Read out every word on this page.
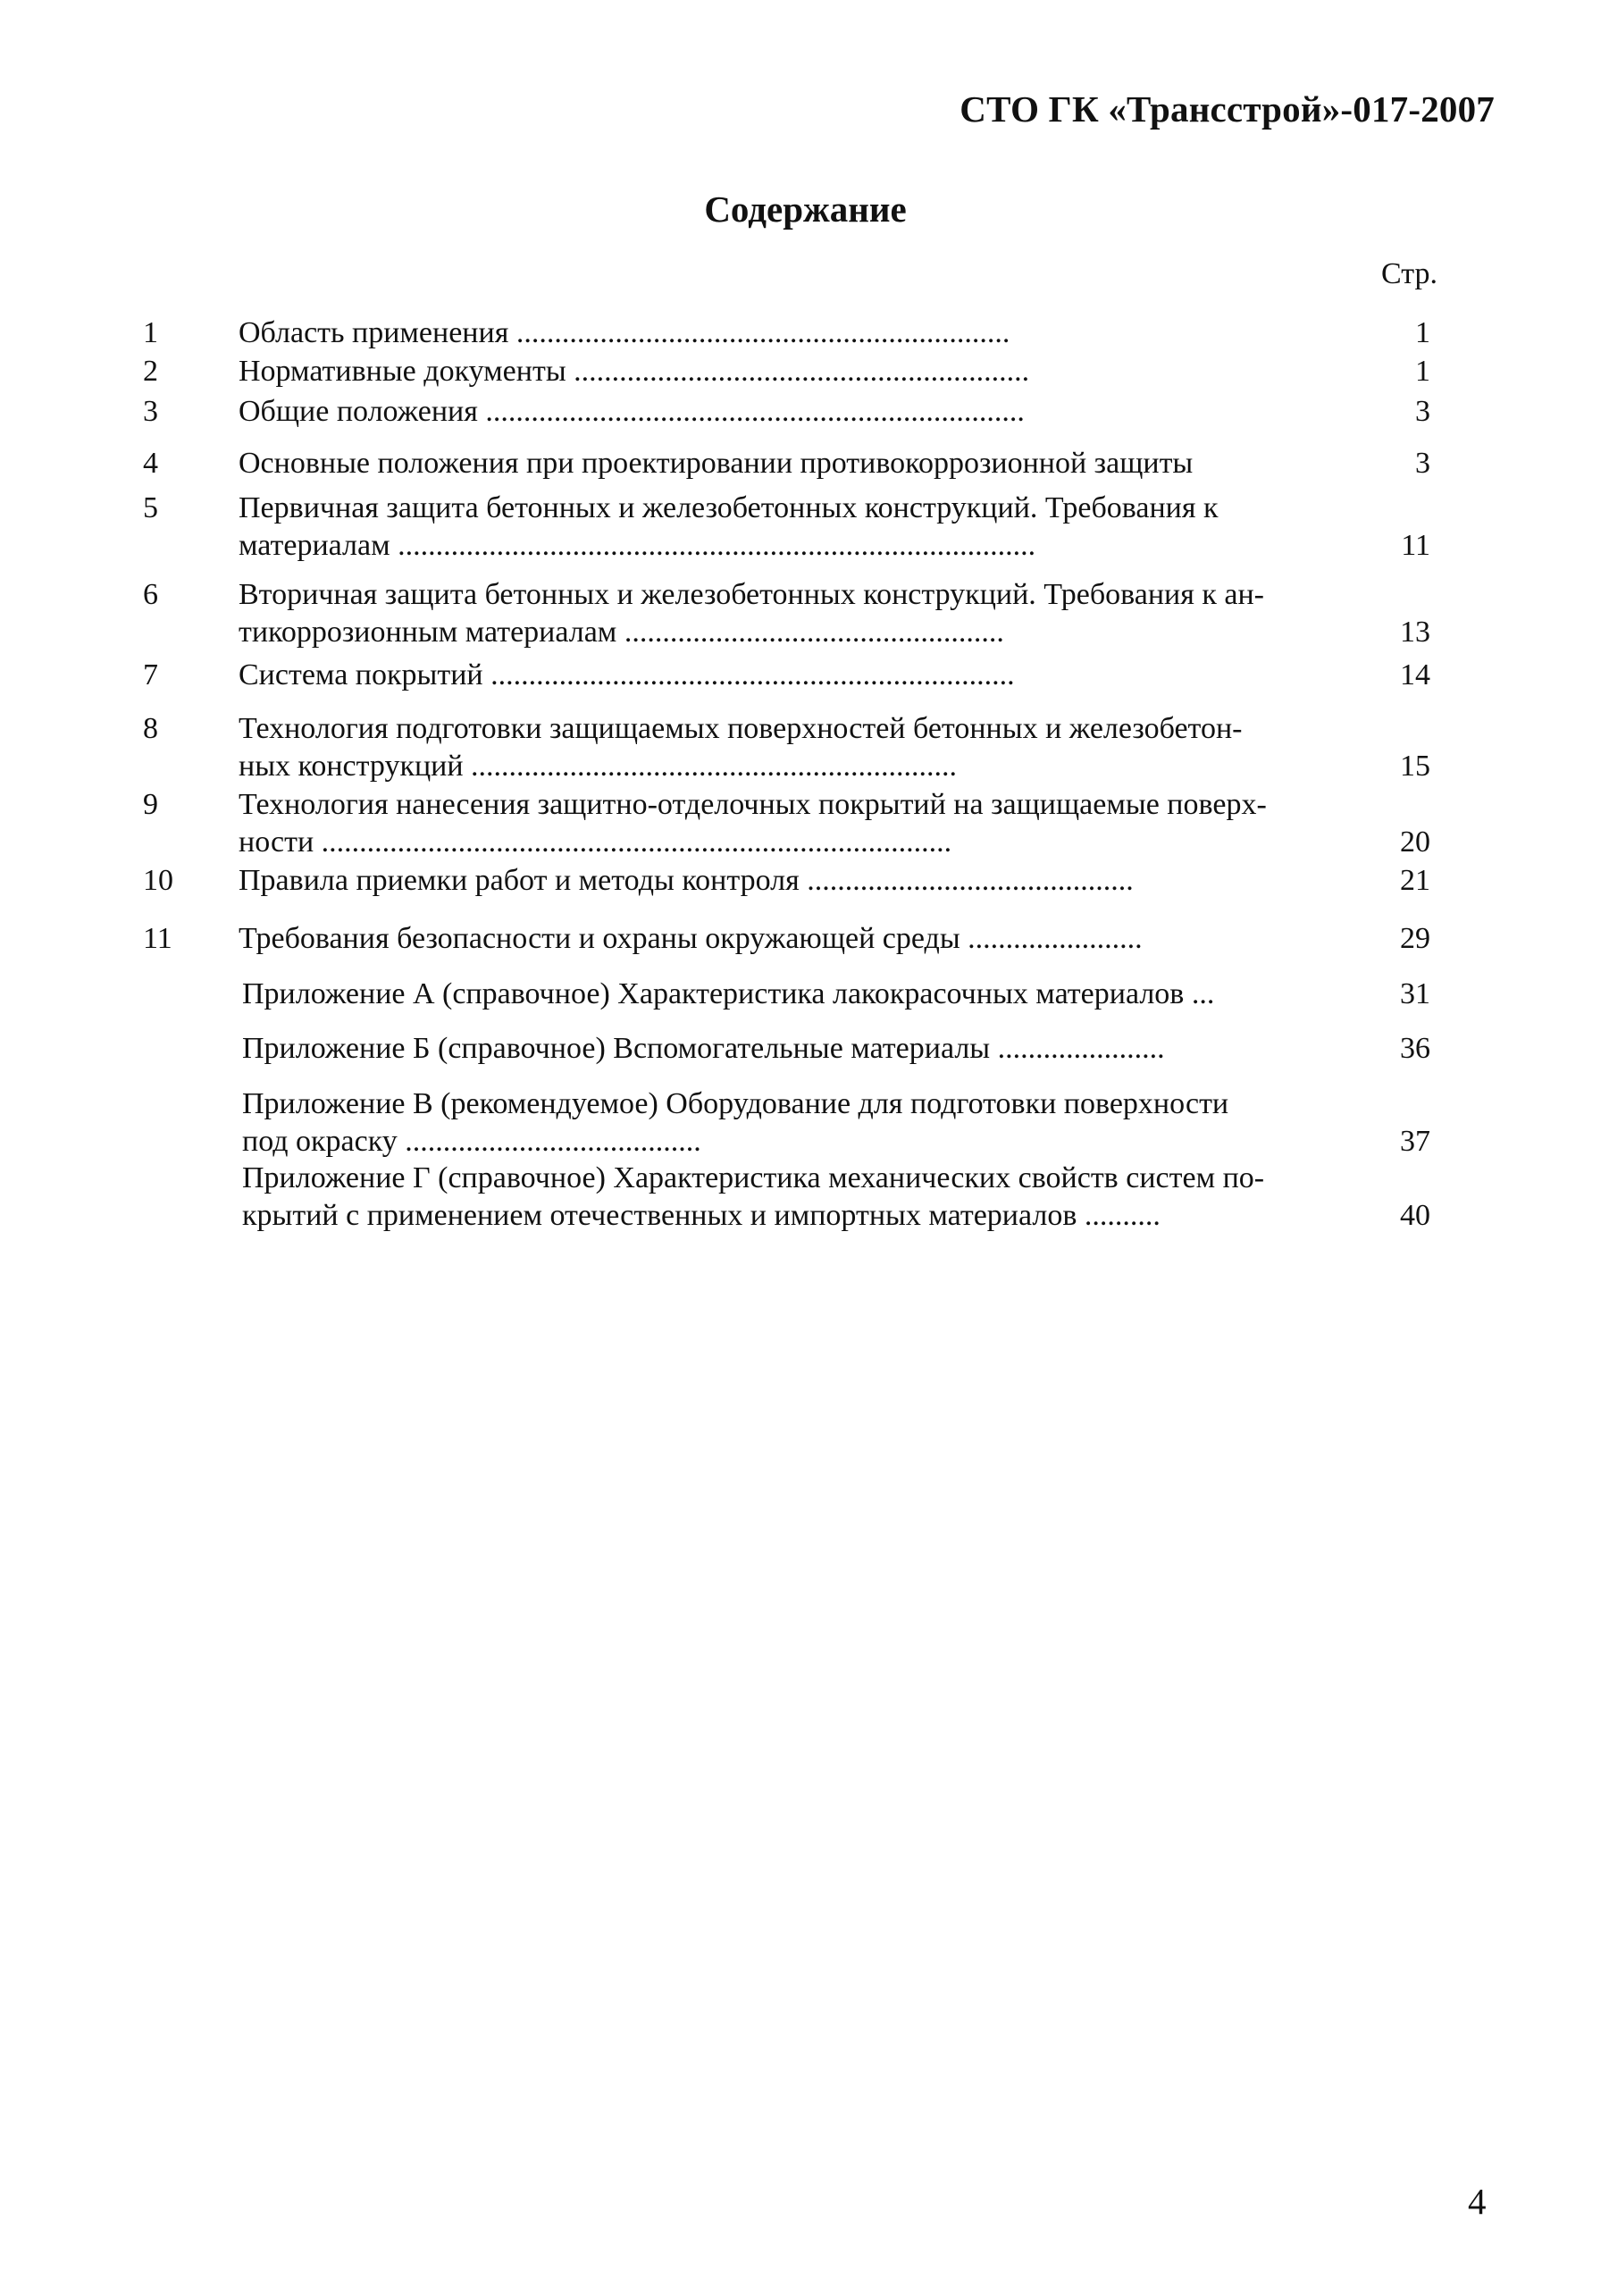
СТО ГК «Трансстрой»-017-2007
Содержание
Стр.
1	Область применения .................................................................	1
2	Нормативные документы ............................................................	1
3	Общие положения .......................................................................	3
4	Основные положения при проектировании противокоррозионной защиты	3
5	Первичная защита бетонных и железобетонных конструкций. Требования к
материалам ....................................................................................	11
6	Вторичная защита бетонных и железобетонных конструкций. Требования к ан-
тикоррозионным материалам ..................................................	13
7	Система покрытий .....................................................................	14
8	Технология подготовки защищаемых поверхностей бетонных и железобетон-
ных конструкций ................................................................	15
9	Технология нанесения защитно-отделочных покрытий на защищаемые поверх-
ности ...................................................................................	20
10 Правила приемки работ и методы контроля ...........................................	21
11 Требования безопасности и охраны окружающей среды .......................	29
Приложение А (справочное) Характеристика лакокрасочных материалов ...	31
Приложение Б (справочное) Вспомогательные материалы ......................	36
Приложение В (рекомендуемое) Оборудование для подготовки поверхности
под окраску .......................................	37
Приложение Г (справочное) Характеристика механических свойств систем по-
крытий с применением отечественных и импортных материалов ..........	40
4
